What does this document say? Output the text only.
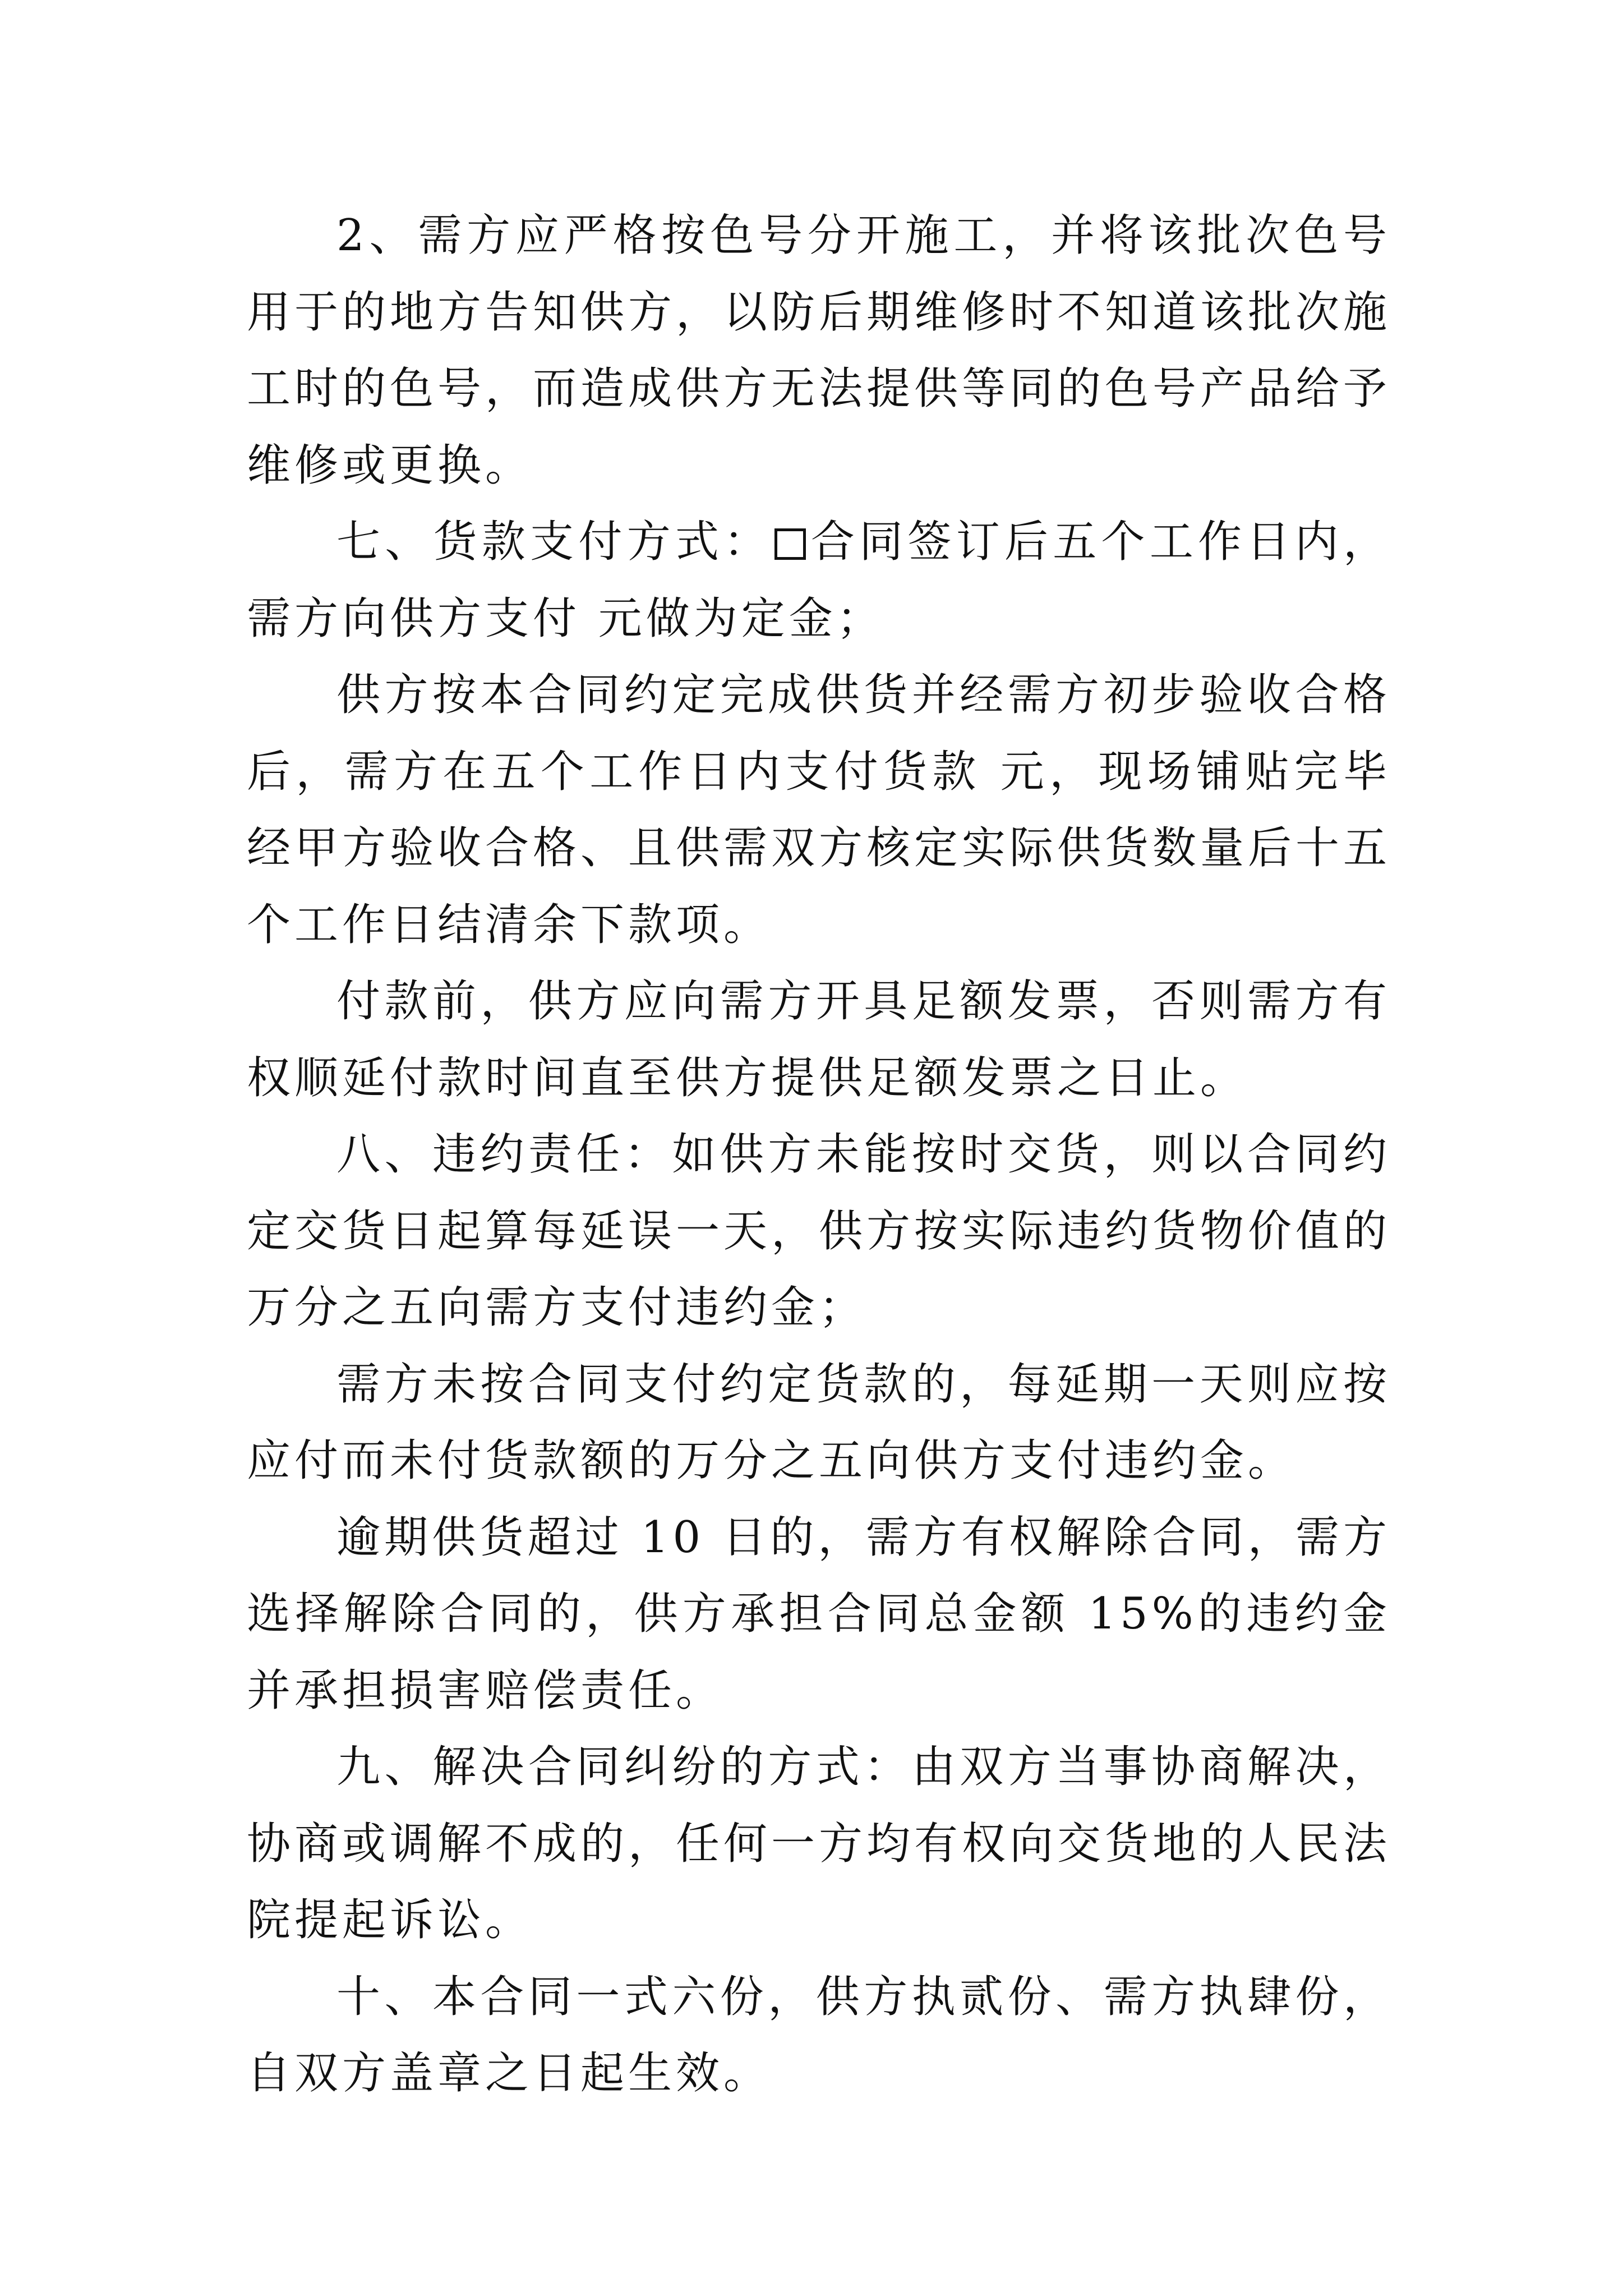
2、需方应严格按色号分开施工，并将该批次色号用于的地方告知供方，以防后期维修时不知道该批次施工时的色号，而造成供方无法提供等同的色号产品给予维修或更换。

七、货款支付方式： 合同签订后五个工作日内，需方向供方支付 元做为定金；

供方按本合同约定完成供货并经需方初步验收合格后，需方在五个工作日内支付货款 元，现场铺贴完毕经甲方验收合格、且供需双方核定实际供货数量后十五个工作日结清余下款项。

付款前，供方应向需方开具足额发票，否则需方有权顺延付款时间直至供方提供足额发票之日止。

八、违约责任：如供方未能按时交货，则以合同约定交货日起算每延误一天，供方按实际违约货物价值的万分之五向需方支付违约金；

需方未按合同支付约定货款的，每延期一天则应按应付而未付货款额的万分之五向供方支付违约金。

逾期供货超过 10 日的，需方有权解除合同，需方选择解除合同的，供方承担合同总金额 15%的违约金并承担损害赔偿责任。

九、解决合同纠纷的方式：由双方当事协商解决，协商或调解不成的，任何一方均有权向交货地的人民法院提起诉讼。

十、本合同一式六份，供方执贰份、需方执肆份，自双方盖章之日起生效。
